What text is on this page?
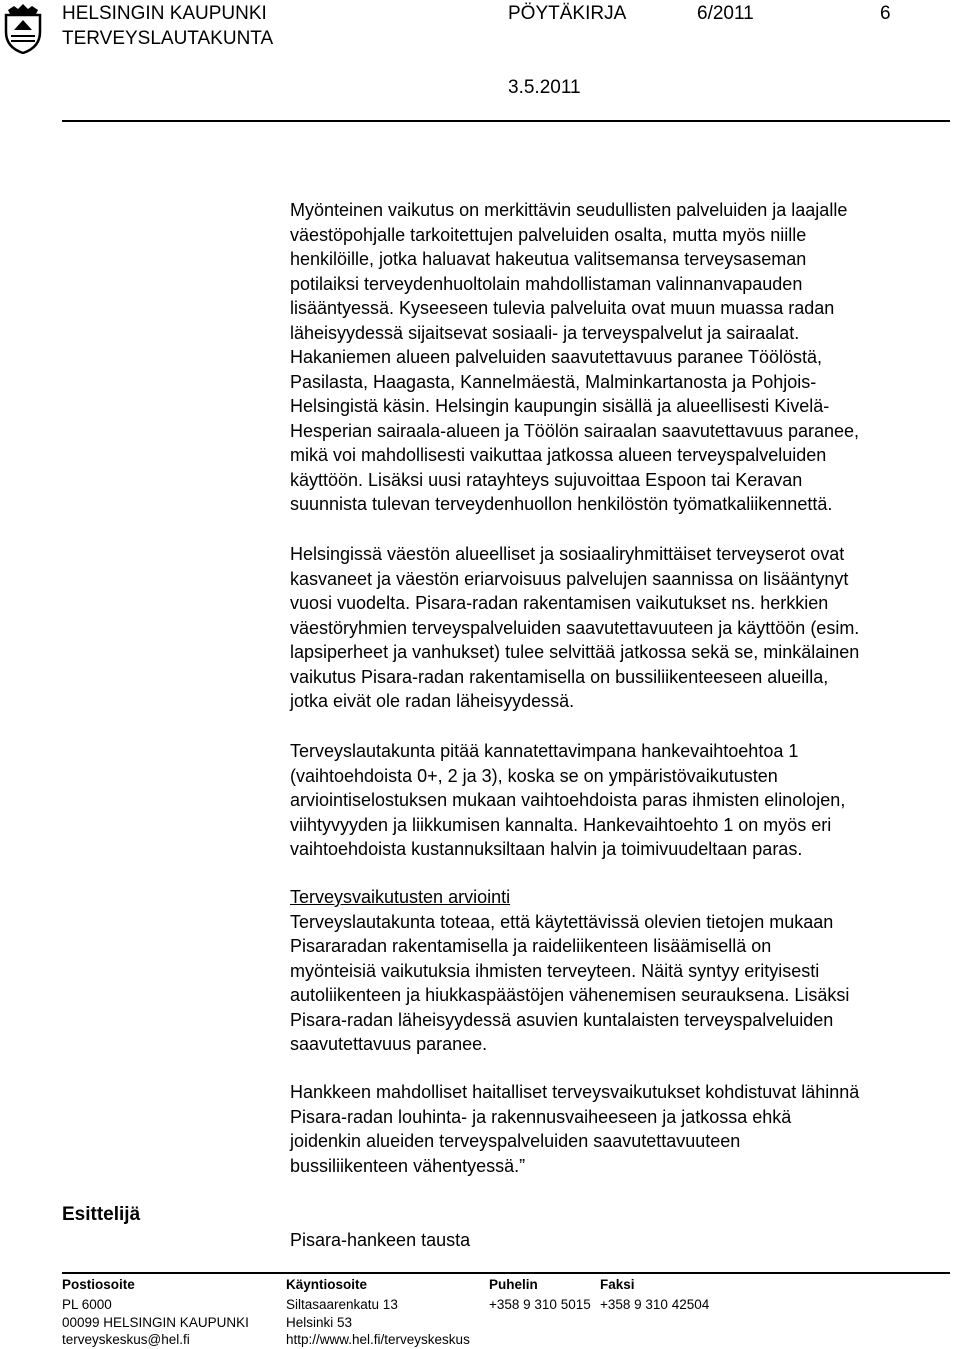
HELSINGIN KAUPUNKI
TERVEYSLAUTAKUNTA
PÖYTÄKIRJA	6/2011	6
3.5.2011

Myönteinen vaikutus on merkittävin seudullisten palveluiden ja laajalle

väestöpohjalle tarkoitettujen palveluiden osalta, mutta myös niille

henkilöille, jotka haluavat hakeutua valitsemansa terveysaseman

potilaiksi terveydenhuoltolain mahdollistaman valinnanvapauden

lisääntyessä. Kyseeseen tulevia palveluita ovat muun muassa radan

läheisyydessä sijaitsevat sosiaali- ja terveyspalvelut ja sairaalat.

Hakaniemen alueen palveluiden saavutettavuus paranee Töölöstä,

Pasilasta, Haagasta, Kannelmäestä, Malminkartanosta ja Pohjois-

Helsingistä käsin. Helsingin kaupungin sisällä ja alueellisesti Kivelä-

Hesperian sairaala-alueen ja Töölön sairaalan saavutettavuus paranee,

mikä voi mahdollisesti vaikuttaa jatkossa alueen terveyspalveluiden

käyttöön. Lisäksi uusi ratayhteys sujuvoittaa Espoon tai Keravan

suunnista tulevan terveydenhuollon henkilöstön työmatkaliikennettä.

Helsingissä väestön alueelliset ja sosiaaliryhmittäiset terveyserot ovat

kasvaneet ja väestön eriarvoisuus palvelujen saannissa on lisääntynyt

vuosi vuodelta. Pisara-radan rakentamisen vaikutukset ns. herkkien

väestöryhmien terveyspalveluiden saavutettavuuteen ja käyttöön (esim.

lapsiperheet ja vanhukset) tulee selvittää jatkossa sekä se, minkälainen

vaikutus Pisara-radan rakentamisella on bussiliikenteeseen alueilla,

jotka eivät ole radan läheisyydessä.

Terveyslautakunta pitää kannatettavimpana hankevaihtoehtoa 1

(vaihtoehdoista 0+, 2 ja 3), koska se on ympäristövaikutusten

arviointiselostuksen mukaan vaihtoehdoista paras ihmisten elinolojen,

viihtyvyyden ja liikkumisen kannalta. Hankevaihtoehto 1 on myös eri

vaihtoehdoista kustannuksiltaan halvin ja toimivuudeltaan paras.

Terveysvaikutusten arviointi

Terveyslautakunta toteaa, että käytettävissä olevien tietojen mukaan

Pisararadan rakentamisella ja raideliikenteen lisäämisellä on

myönteisiä vaikutuksia ihmisten terveyteen. Näitä syntyy erityisesti

autoliikenteen ja hiukkaspäästöjen vähenemisen seurauksena. Lisäksi

Pisara-radan läheisyydessä asuvien kuntalaisten terveyspalveluiden

saavutettavuus paranee.

Hankkeen mahdolliset haitalliset terveysvaikutukset kohdistuvat lähinnä

Pisara-radan louhinta- ja rakennusvaiheeseen ja jatkossa ehkä

joidenkin alueiden terveyspalveluiden saavutettavuuteen

bussiliikenteen vähentyessä.”

Esittelijä
Pisara-hankeen tausta
Postiosoite
PL 6000
00099 HELSINGIN KAUPUNKI
terveyskeskus@hel.fi
Käyntiosoite
Siltasaarenkatu 13
Helsinki 53
http://www.hel.fi/terveyskeskus
Puhelin
+358 9 310 5015
Faksi
+358 9 310 42504
